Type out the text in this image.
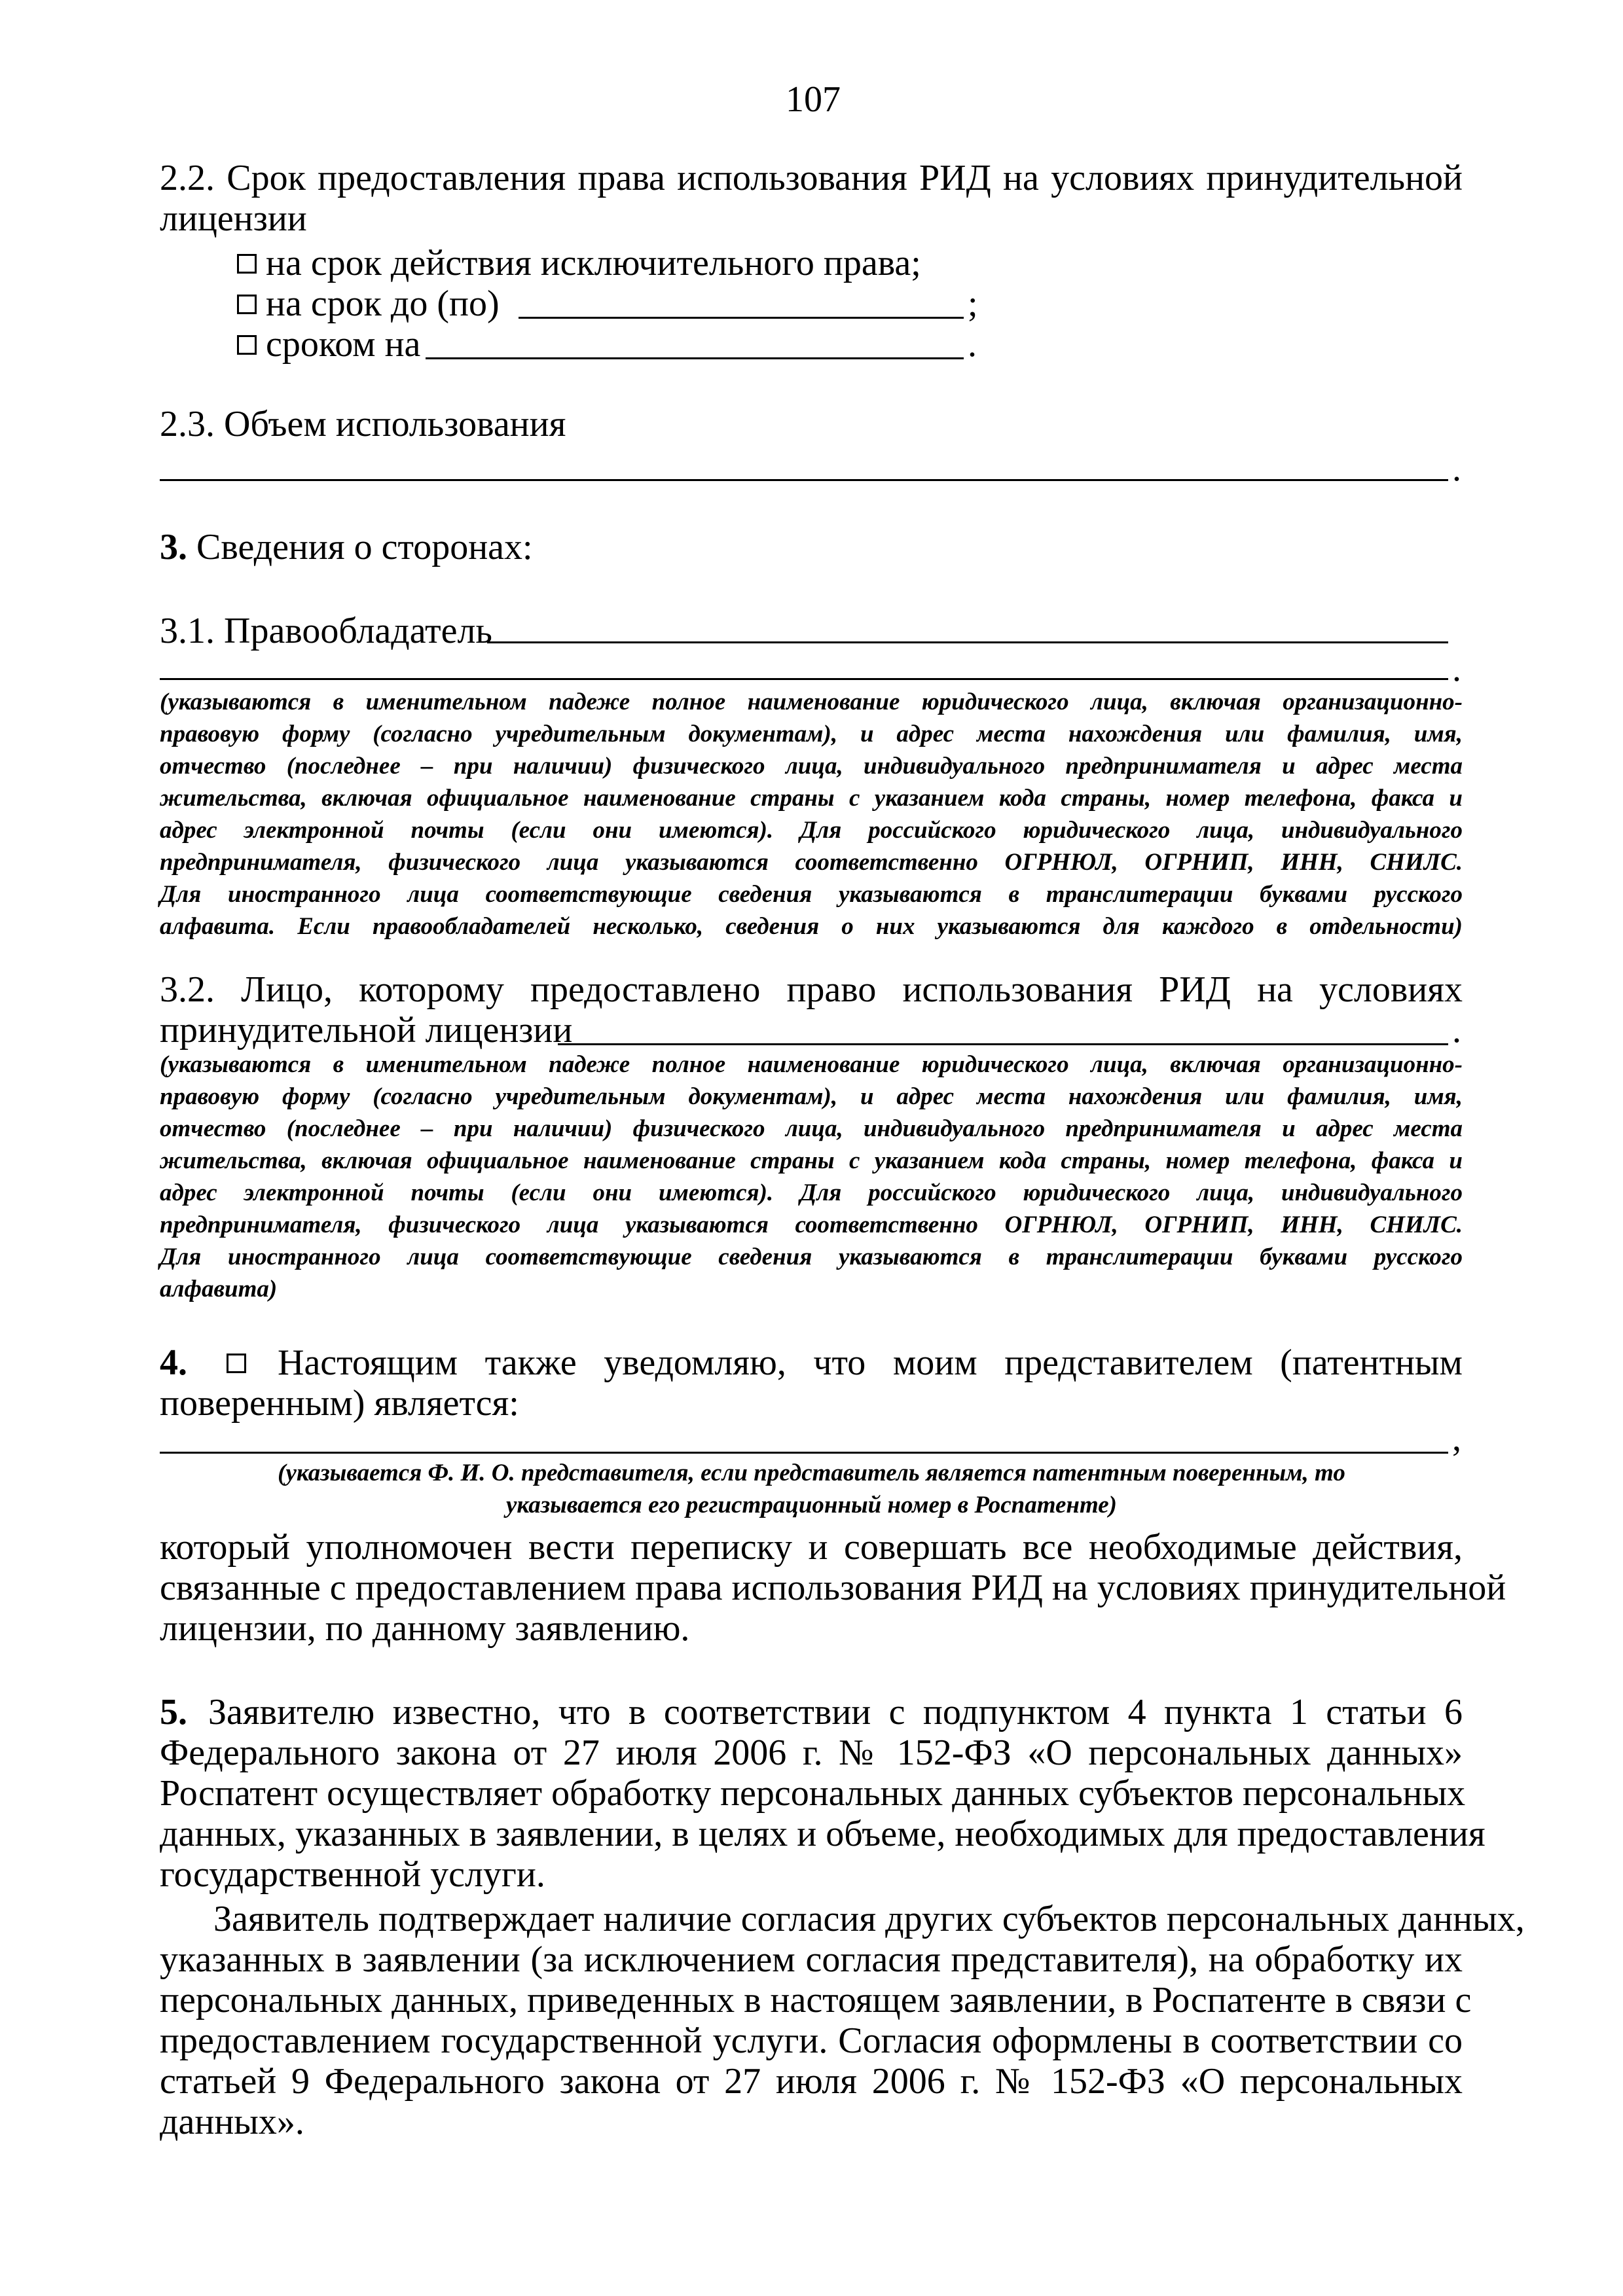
107
2.2. Срок предоставления права использования РИД на условиях принудительной
лицензии
на срок действия исключительного права;
на срок до (по)	;
сроком на	.
2.3. Объем использования
.
3. Сведения о сторонах:
3.1. Правообладатель
.
(указываются в именительном падеже полное наименование юридического лица, включая организационно-
правовую форму (согласно учредительным документам), и адрес места нахождения или фамилия, имя,
отчество (последнее – при наличии) физического лица, индивидуального предпринимателя и адрес места
жительства, включая официальное наименование страны с указанием кода страны, номер телефона, факса и
адрес электронной почты (если они имеются). Для российского юридического лица, индивидуального
предпринимателя, физического лица указываются соответственно ОГРНЮЛ, ОГРНИП, ИНН, СНИЛС.
Для иностранного лица соответствующие сведения указываются в транслитерации буквами русского
алфавита. Если правообладателей несколько, сведения о них указываются для каждого в отдельности)
3.2. Лицо, которому предоставлено право использования РИД на условиях
принудительной лицензии	.
(указываются в именительном падеже полное наименование юридического лица, включая организационно-
правовую форму (согласно учредительным документам), и адрес места нахождения или фамилия, имя,
отчество (последнее – при наличии) физического лица, индивидуального предпринимателя и адрес места
жительства, включая официальное наименование страны с указанием кода страны, номер телефона, факса и
адрес электронной почты (если они имеются). Для российского юридического лица, индивидуального
предпринимателя, физического лица указываются соответственно ОГРНЮЛ, ОГРНИП, ИНН, СНИЛС.
Для иностранного лица соответствующие сведения указываются в транслитерации буквами русского
алфавита)
4. Настоящим также уведомляю, что моим представителем (патентным
поверенным) является:
,
(указывается Ф. И. О. представителя, если представитель является патентным поверенным, то
указывается его регистрационный номер в Роспатенте)
который уполномочен вести переписку и совершать все необходимые действия,
связанные с предоставлением права использования РИД на условиях принудительной
лицензии, по данному заявлению.
5. Заявителю известно, что в соответствии с подпунктом 4 пункта 1 статьи 6
Федерального закона от 27 июля 2006 г. № 152-ФЗ «О персональных данных»
Роспатент осуществляет обработку персональных данных субъектов персональных
данных, указанных в заявлении, в целях и объеме, необходимых для предоставления
государственной услуги.
Заявитель подтверждает наличие согласия других субъектов персональных данных,
указанных в заявлении (за исключением согласия представителя), на обработку их
персональных данных, приведенных в настоящем заявлении, в Роспатенте в связи с
предоставлением государственной услуги. Согласия оформлены в соответствии со
статьей 9 Федерального закона от 27 июля 2006 г. № 152-ФЗ «О персональных
данных».
